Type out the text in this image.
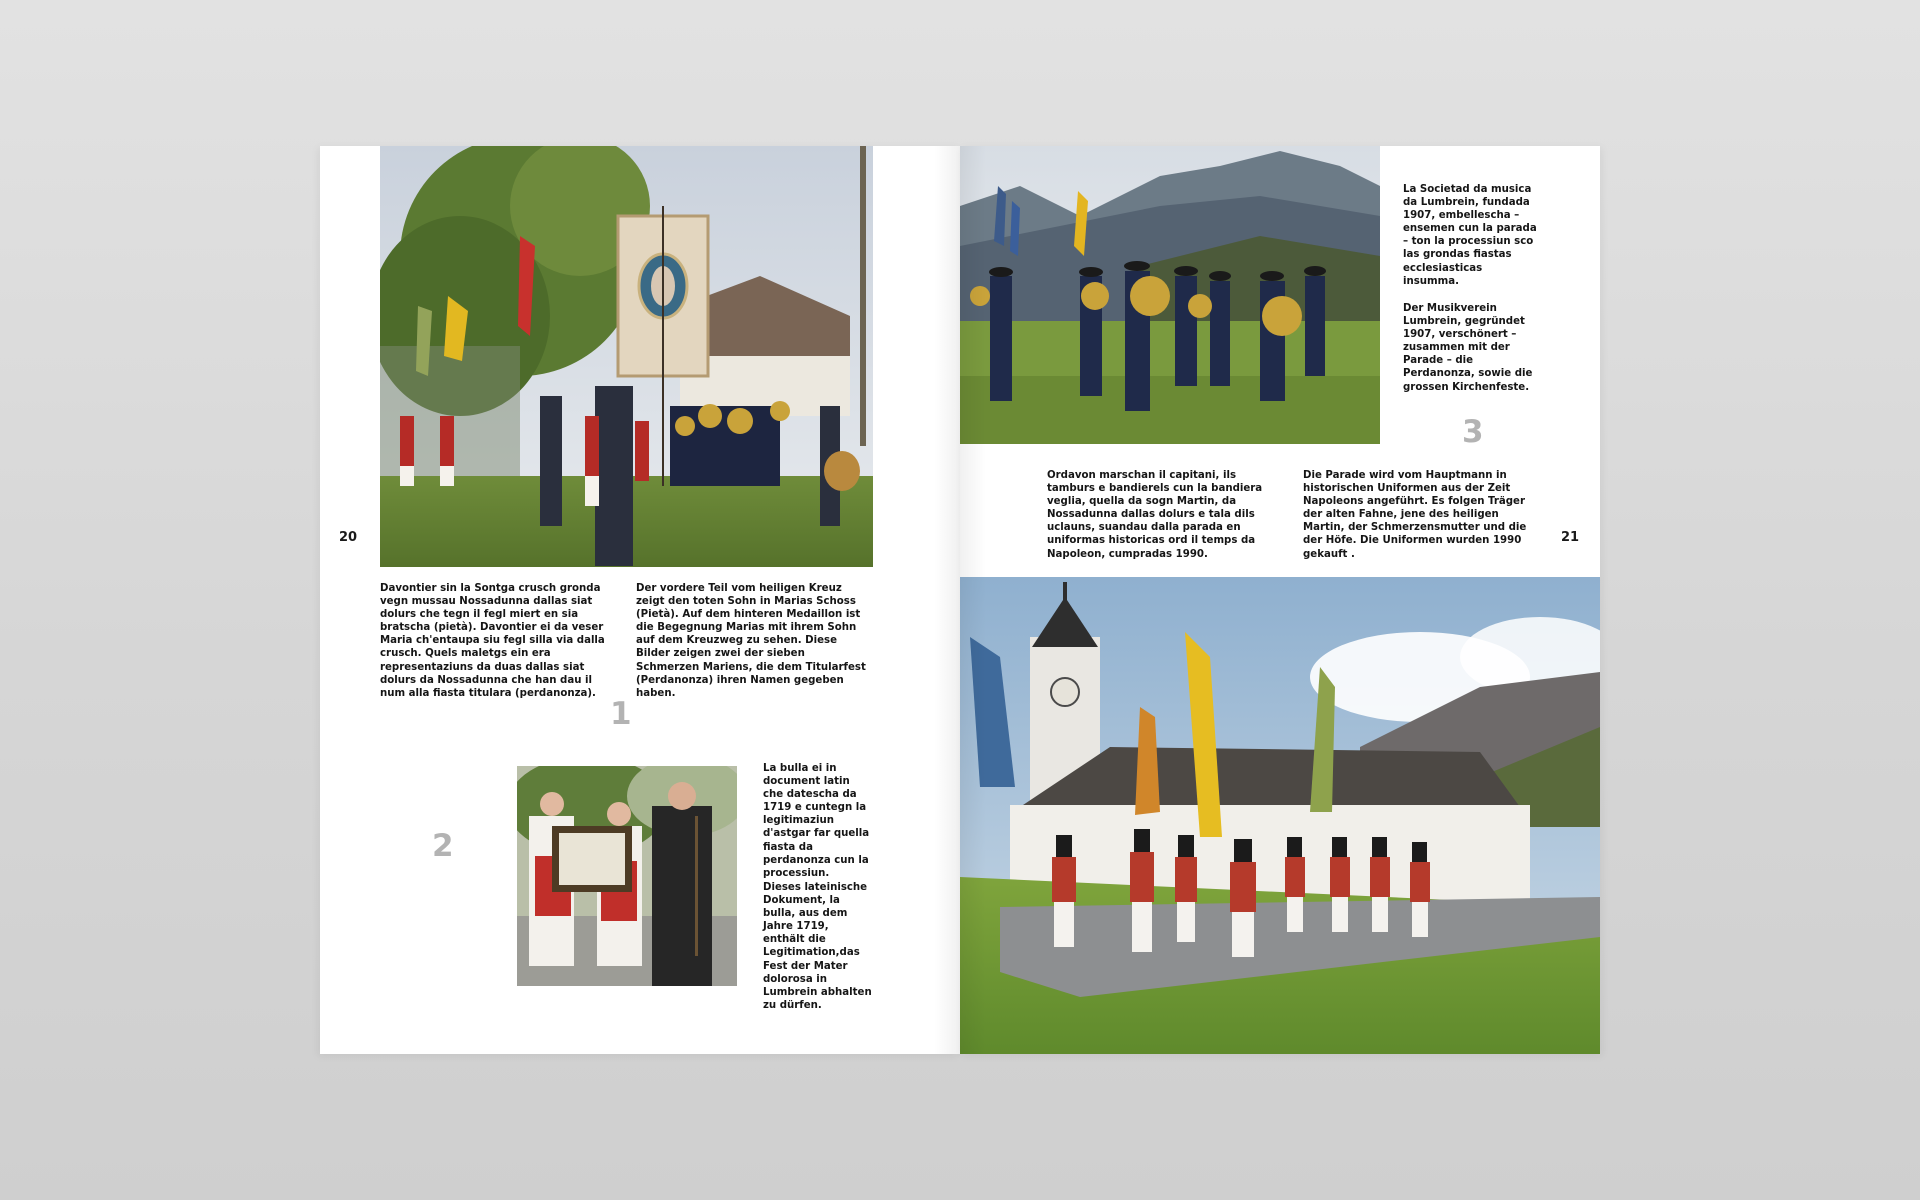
20

Davontier sin la Sontga crusch gronda vegn mussau Nossadunna dallas siat dolurs che tegn il fegl miert en sia bratscha (pietà). Davontier ei da veser Maria ch'entaupa siu fegl silla via dalla crusch. Quels maletgs ein era representaziuns da duas dallas siat dolurs da Nossadunna che han dau il num alla fiasta titulara (perdanonza).

Der vordere Teil vom heiligen Kreuz zeigt den toten Sohn in Marias Schoss (Pietà). Auf dem hinteren Medaillon ist die Begegnung Marias mit ihrem Sohn auf dem Kreuzweg zu sehen. Diese Bilder zeigen zwei der sieben Schmerzen Mariens, die dem Titularfest (Perdanonza) ihren Namen gegeben haben.

1
2

La bulla ei in document latin che datescha da 1719 e cuntegn la legitimaziun d'astgar far quella fiasta da perdanonza cun la processiun.

Dieses lateinische Dokument, la bulla, aus dem Jahre 1719, enthält die Legitimation,das Fest der Mater dolorosa in Lumbrein abhalten zu dürfen.

La Societad da musica da Lumbrein, fundada 1907, embellescha – ensemen cun la parada – ton la processiun sco las grondas fiastas ecclesiasticas insumma.

Der Musikverein Lumbrein, gegründet 1907, verschönert – zusammen mit der Parade – die Perdanonza, sowie die grossen Kirchenfeste.

3

Ordavon marschan il capitani, ils tamburs e bandierels cun la bandiera veglia, quella da sogn Martin, da Nossadunna dallas dolurs e tala dils uclauns, suandau dalla parada en uniformas historicas ord il temps da Napoleon, cumpradas 1990.

Die Parade wird vom Hauptmann in historischen Uniformen aus der Zeit Napoleons angeführt. Es folgen Träger der alten Fahne, jene des heiligen Martin, der Schmerzensmutter und die der Höfe. Die Uniformen wurden 1990 gekauft .

21
